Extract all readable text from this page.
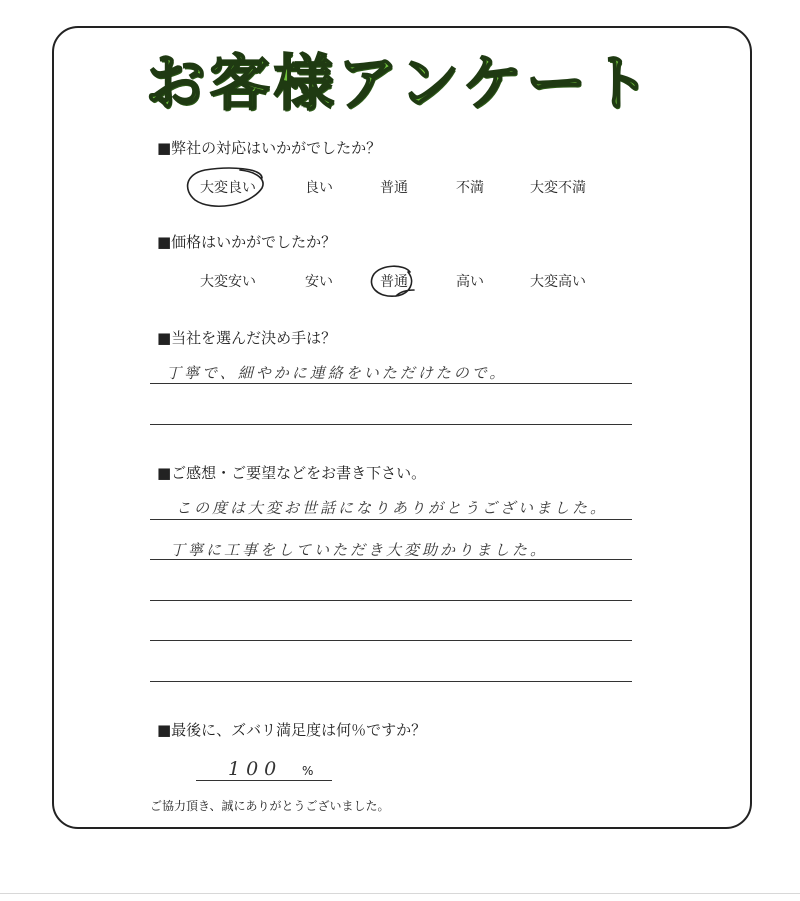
お客様アンケート
■弊社の対応はいかがでしたか？
大変良い	良い	普通	不満	大変不満
■価格はいかがでしたか？
大変安い	安い	普通	高い	大変高い
■当社を選んだ決め手は？
丁寧で、細やかに連絡をいただけたので。
■ご感想・ご要望などをお書き下さい。
この度は大変お世話になりありがとうございました。
丁寧に工事をしていただき大変助かりました。
■最後に、ズバリ満足度は何％ですか？
100 %
ご協力頂き、誠にありがとうございました。
